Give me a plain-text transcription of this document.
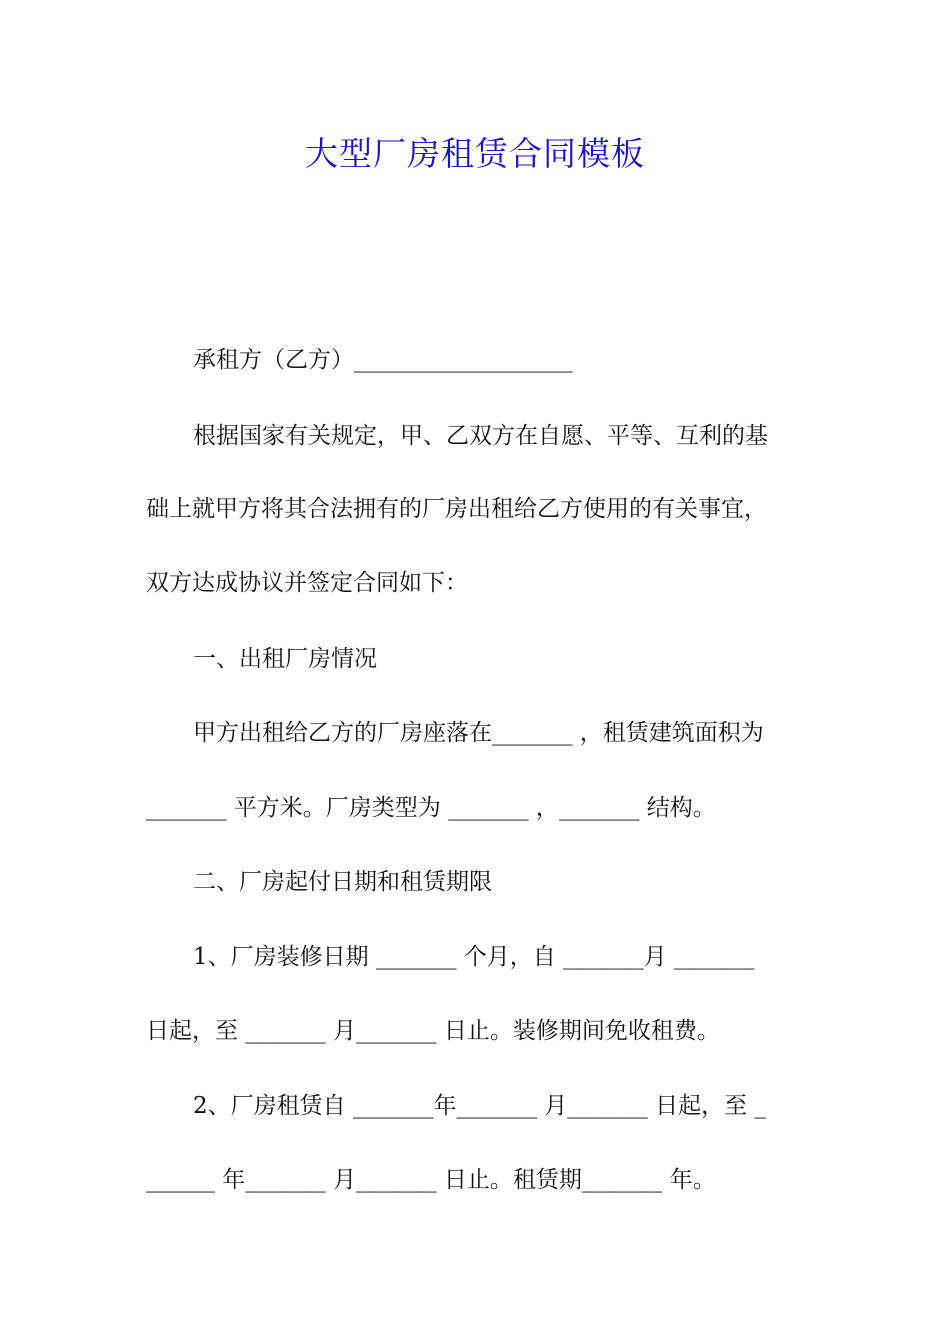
大型厂房租赁合同模板
承租方（乙方）___________________
根据国家有关规定，甲、乙双方在自愿、平等、互利的基
础上就甲方将其合法拥有的厂房出租给乙方使用的有关事宜，
双方达成协议并签定合同如下：
一、出租厂房情况
甲方出租给乙方的厂房座落在_______ ，租赁建筑面积为
_______ 平方米。厂房类型为 _______ ，_______ 结构。
二、厂房起付日期和租赁期限
1、厂房装修日期 _______ 个月，自 _______月 _______
日起，至 _______ 月_______ 日止。装修期间免收租费。
2、厂房租赁自 _______年_______ 月_______ 日起，至 _
______ 年_______ 月_______ 日止。租赁期_______ 年。
